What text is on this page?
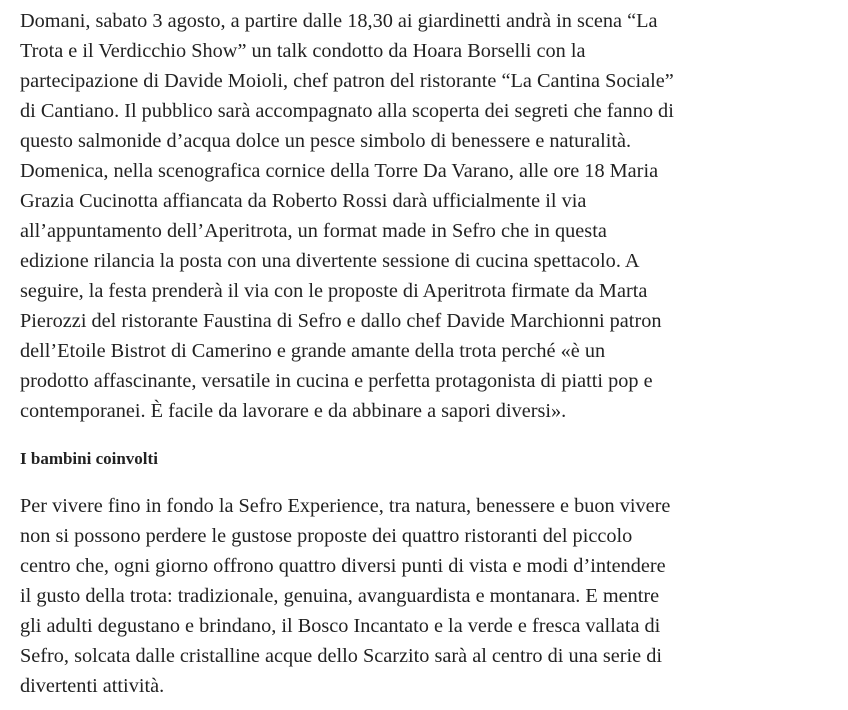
Domani, sabato 3 agosto, a partire dalle 18,30 ai giardinetti andrà in scena “La
Trota e il Verdicchio Show” un talk condotto da Hoara Borselli con la
partecipazione di Davide Moioli, chef patron del ristorante “La Cantina Sociale”
di Cantiano. Il pubblico sarà accompagnato alla scoperta dei segreti che fanno di
questo salmonide d’acqua dolce un pesce simbolo di benessere e naturalità.
Domenica, nella scenografica cornice della Torre Da Varano, alle ore 18 Maria
Grazia Cucinotta affiancata da Roberto Rossi darà ufficialmente il via
all’appuntamento dell’Aperitrota, un format made in Sefro che in questa
edizione rilancia la posta con una divertente sessione di cucina spettacolo. A
seguire, la festa prenderà il via con le proposte di Aperitrota firmate da Marta
Pierozzi del ristorante Faustina di Sefro e dallo chef Davide Marchionni patron
dell’Etoile Bistrot di Camerino e grande amante della trota perché «è un
prodotto affascinante, versatile in cucina e perfetta protagonista di piatti pop e
contemporanei. È facile da lavorare e da abbinare a sapori diversi».

I bambini coinvolti

Per vivere fino in fondo la Sefro Experience, tra natura, benessere e buon vivere
non si possono perdere le gustose proposte dei quattro ristoranti del piccolo
centro che, ogni giorno offrono quattro diversi punti di vista e modi d’intendere
il gusto della trota: tradizionale, genuina, avanguardista e montanara. E mentre
gli adulti degustano e brindano, il Bosco Incantato e la verde e fresca vallata di
Sefro, solcata dalle cristalline acque dello Scarzito sarà al centro di una serie di
divertenti attività.
